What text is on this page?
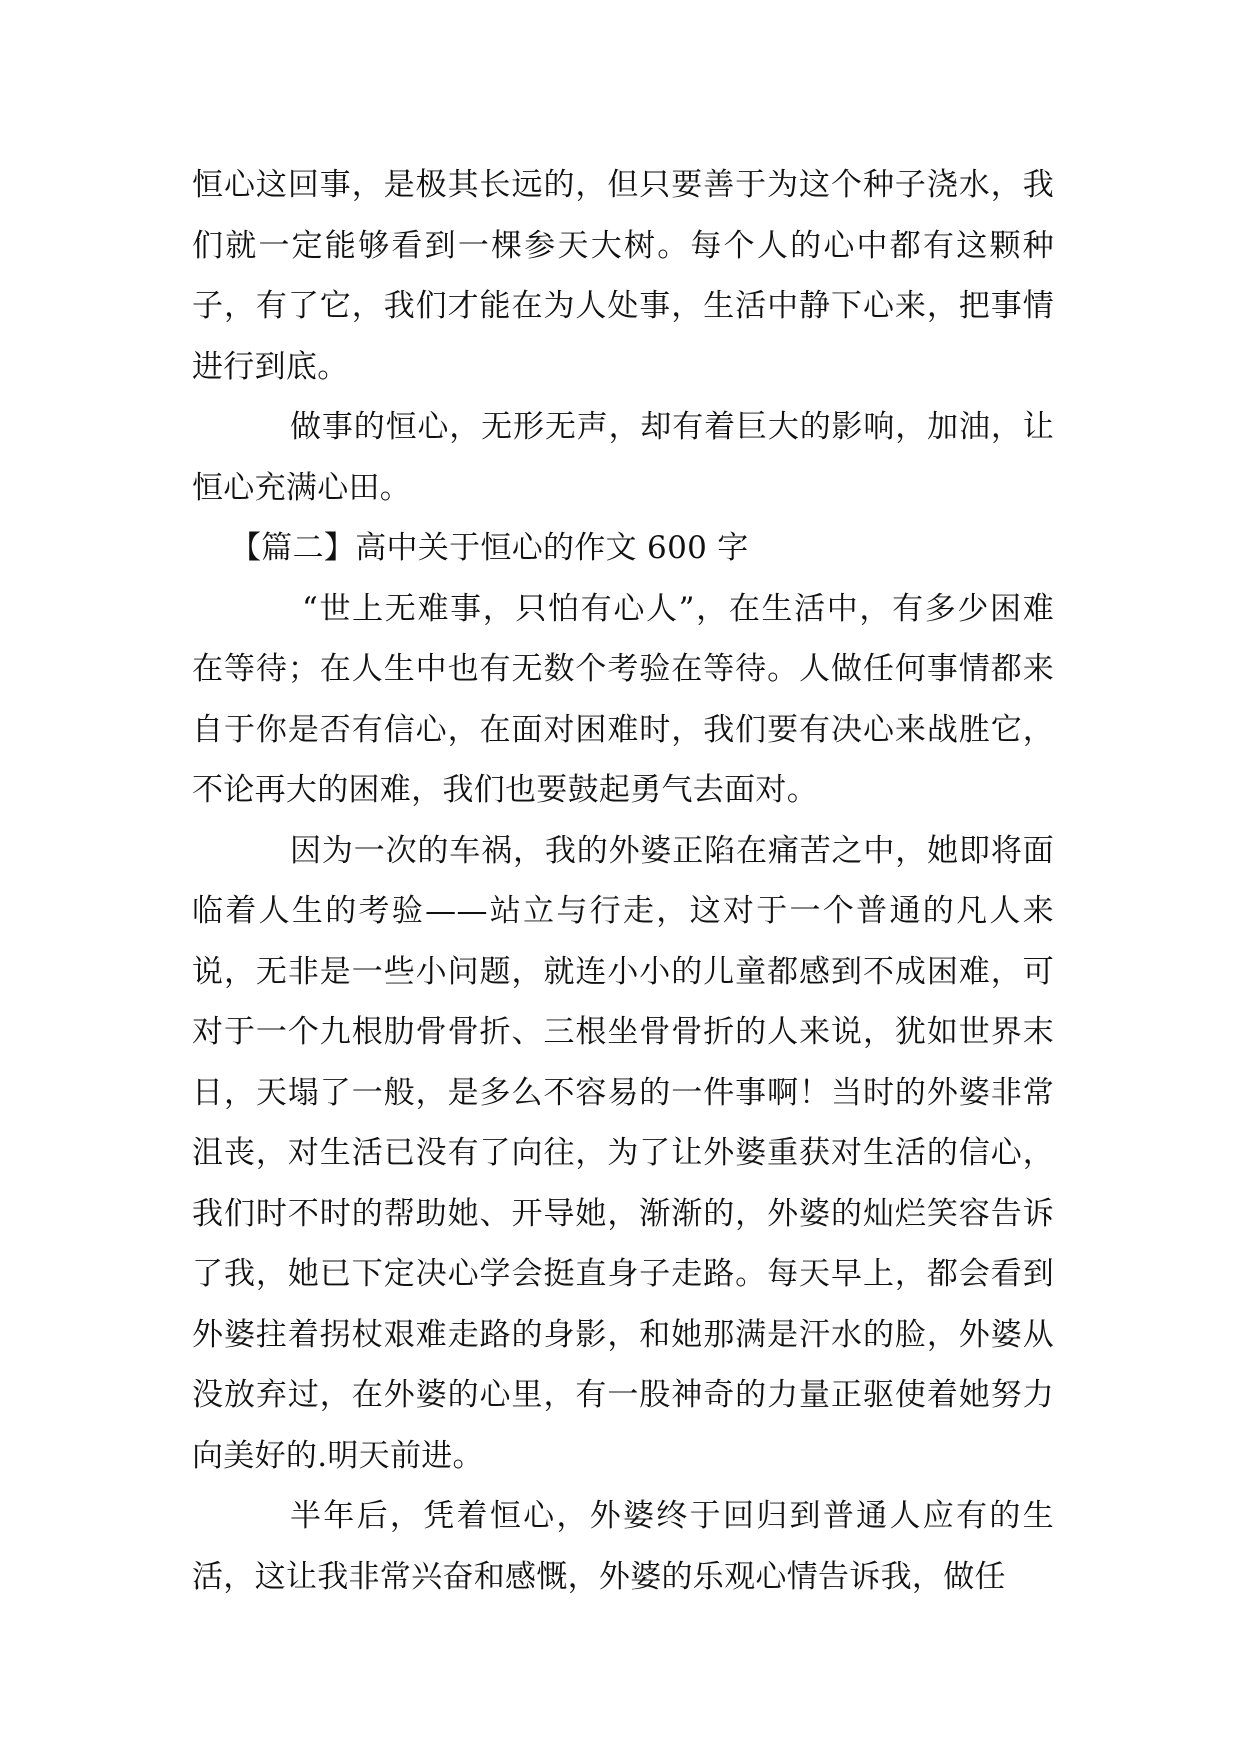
恒心这回事，是极其长远的，但只要善于为这个种子浇水，我们就一定能够看到一棵参天大树。每个人的心中都有这颗种子，有了它，我们才能在为人处事，生活中静下心来，把事情进行到底。

做事的恒心，无形无声，却有着巨大的影响，加油，让恒心充满心田。

【篇二】高中关于恒心的作文 600 字

“世上无难事，只怕有心人”，在生活中，有多少困难在等待；在人生中也有无数个考验在等待。人做任何事情都来自于你是否有信心，在面对困难时，我们要有决心来战胜它，不论再大的困难，我们也要鼓起勇气去面对。

因为一次的车祸，我的外婆正陷在痛苦之中，她即将面临着人生的考验——站立与行走，这对于一个普通的凡人来说，无非是一些小问题，就连小小的儿童都感到不成困难，可对于一个九根肋骨骨折、三根坐骨骨折的人来说，犹如世界末日，天塌了一般，是多么不容易的一件事啊！当时的外婆非常沮丧，对生活已没有了向往，为了让外婆重获对生活的信心，我们时不时的帮助她、开导她，渐渐的，外婆的灿烂笑容告诉了我，她已下定决心学会挺直身子走路。每天早上，都会看到外婆拄着拐杖艰难走路的身影，和她那满是汗水的脸，外婆从没放弃过，在外婆的心里，有一股神奇的力量正驱使着她努力向美好的.明天前进。

半年后，凭着恒心，外婆终于回归到普通人应有的生活，这让我非常兴奋和感慨，外婆的乐观心情告诉我，做任
